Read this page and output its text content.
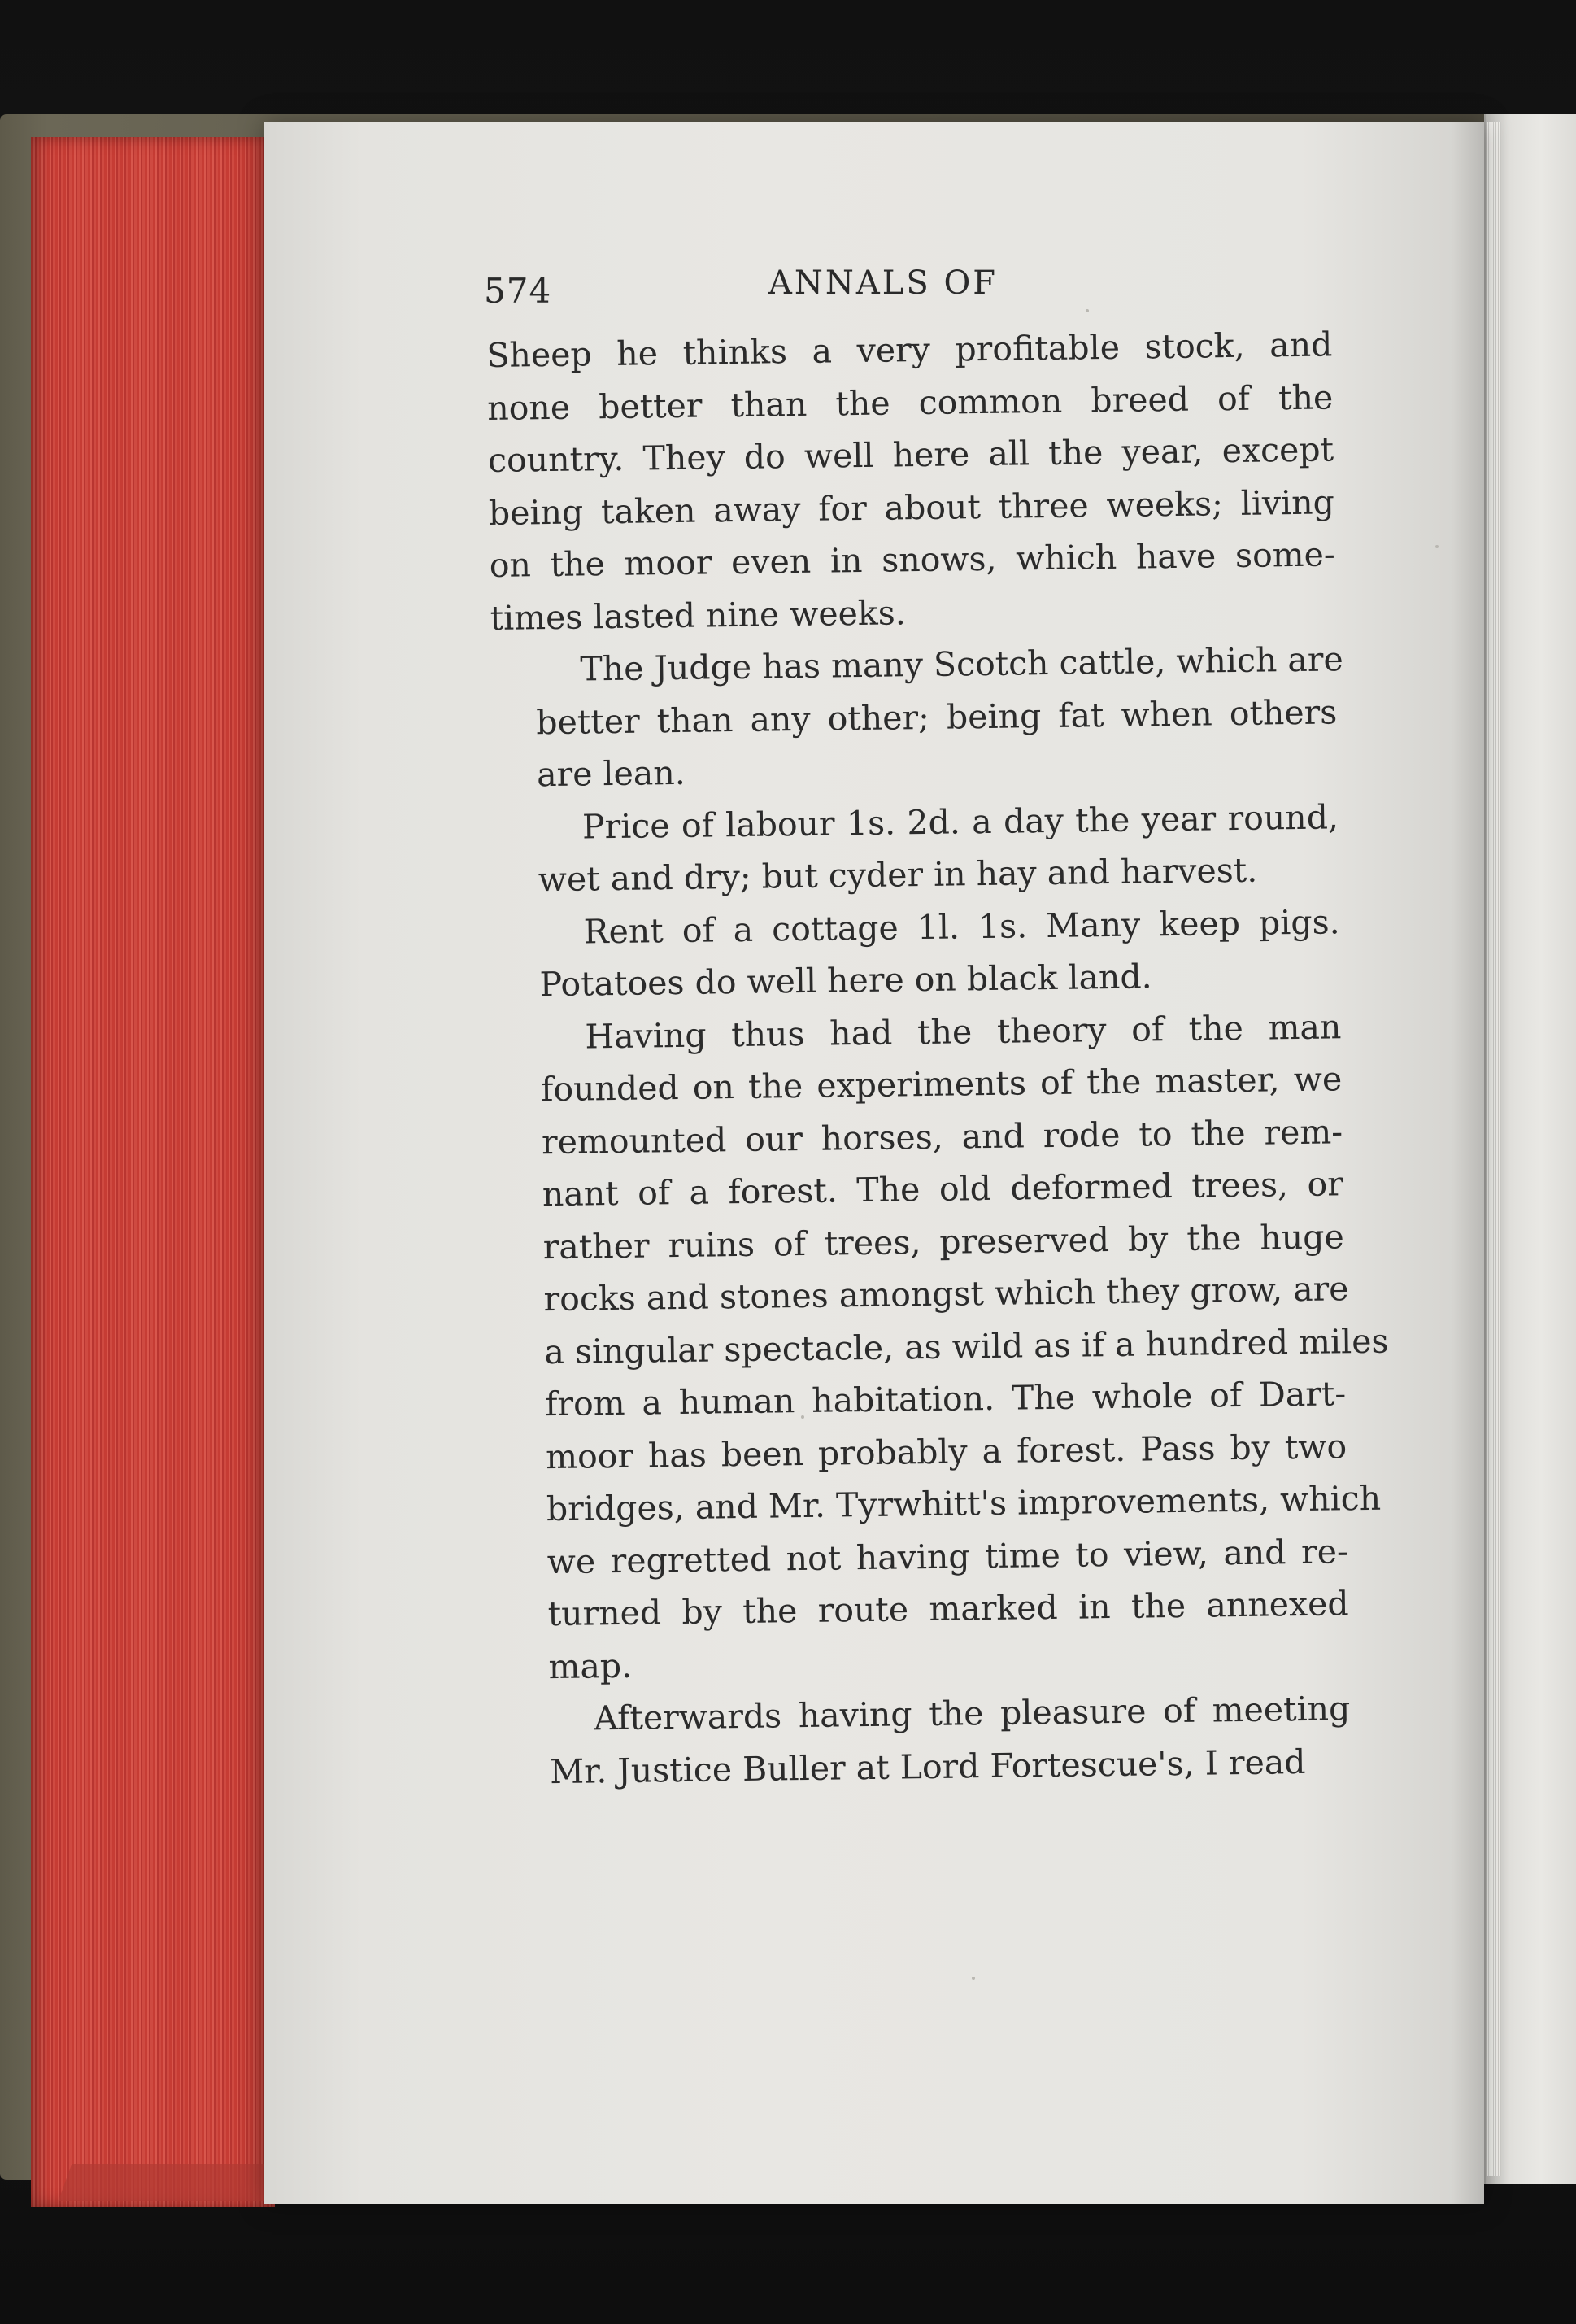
574	ANNALS OF

Sheep he thinks a very profitable stock, and
none better than the common breed of the
country. They do well here all the year, except
being taken away for about three weeks; living
on the moor even in snows, which have some-
times lasted nine weeks.

The Judge has many Scotch cattle, which are
better than any other; being fat when others
are lean.

Price of labour 1s. 2d. a day the year round,
wet and dry; but cyder in hay and harvest.

Rent of a cottage 1l. 1s. Many keep pigs.
Potatoes do well here on black land.

Having thus had the theory of the man
founded on the experiments of the master, we
remounted our horses, and rode to the rem-
nant of a forest. The old deformed trees, or
rather ruins of trees, preserved by the huge
rocks and stones amongst which they grow, are
a singular spectacle, as wild as if a hundred miles
from a human habitation. The whole of Dart-
moor has been probably a forest. Pass by two
bridges, and Mr. Tyrwhitt's improvements, which
we regretted not having time to view, and re-
turned by the route marked in the annexed
map.

Afterwards having the pleasure of meeting
Mr. Justice Buller at Lord Fortescue's, I read
